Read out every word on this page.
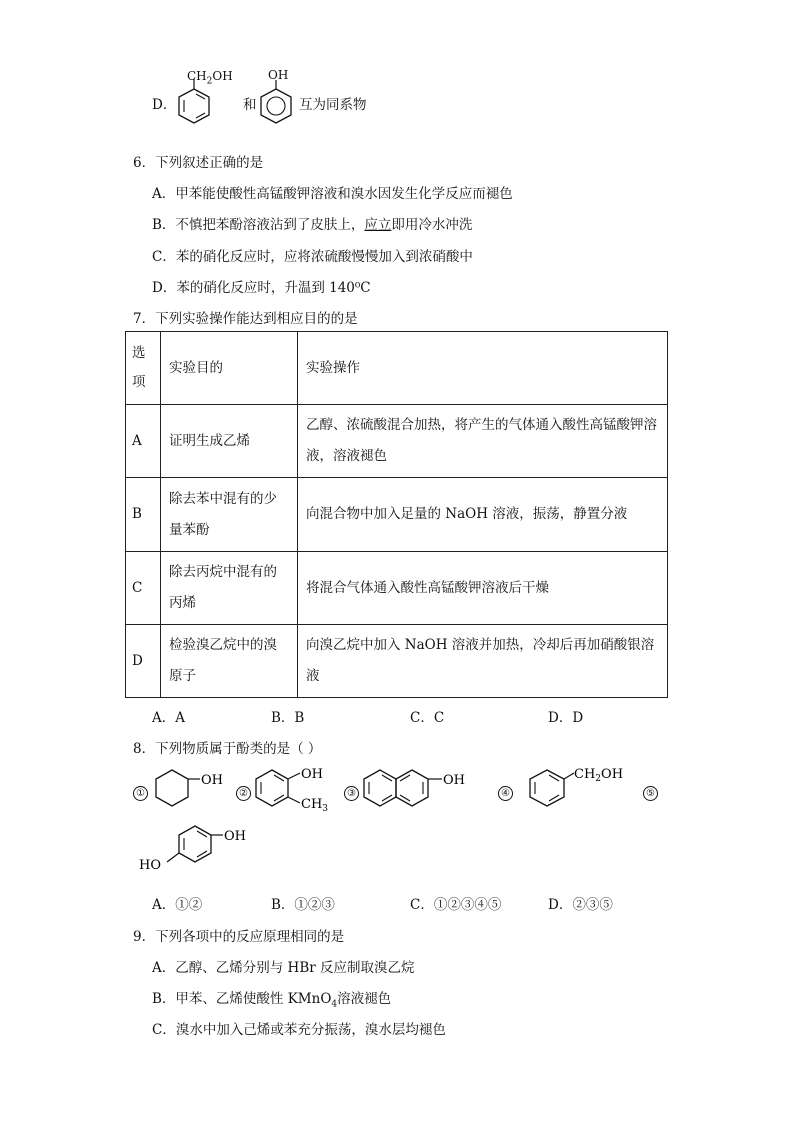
D．
$CH_2OH$
和
OH
互为同系物
6．下列叙述正确的是
A．甲苯能使酸性高锰酸钾溶液和溴水因发生化学反应而褪色
B．不慎把苯酚溶液沾到了皮肤上，应立即用冷水冲洗
C．苯的硝化反应时，应将浓硫酸慢慢加入到浓硝酸中
D．苯的硝化反应时，升温到 140⁰C
7．下列实验操作能达到相应目的的是
选
项	实验目的	实验操作
A	证明生成乙烯	乙醇、浓硫酸混合加热，将产生的气体通入酸性高锰酸钾溶液，溶液褪色
B	除去苯中混有的少量苯酚	向混合物中加入足量的 NaOH 溶液，振荡，静置分液
C	除去丙烷中混有的丙烯	将混合气体通入酸性高锰酸钾溶液后干燥
D	检验溴乙烷中的溴原子	向溴乙烷中加入 NaOH 溶液并加热，冷却后再加硝酸银溶液
A．A	B．B	C．C	D．D
8．下列物质属于酚类的是（ ）
①
OH
②
OH
$CH_3$
③
OH
④
$CH_2OH$
⑤
OH
HO
A．①②	B．①②③	C．①②③④⑤	D．②③⑤
9．下列各项中的反应原理相同的是
A．乙醇、乙烯分别与 HBr 反应制取溴乙烷
B．甲苯、乙烯使酸性 KMnO$_4$溶液褪色
C．溴水中加入己烯或苯充分振荡，溴水层均褪色
